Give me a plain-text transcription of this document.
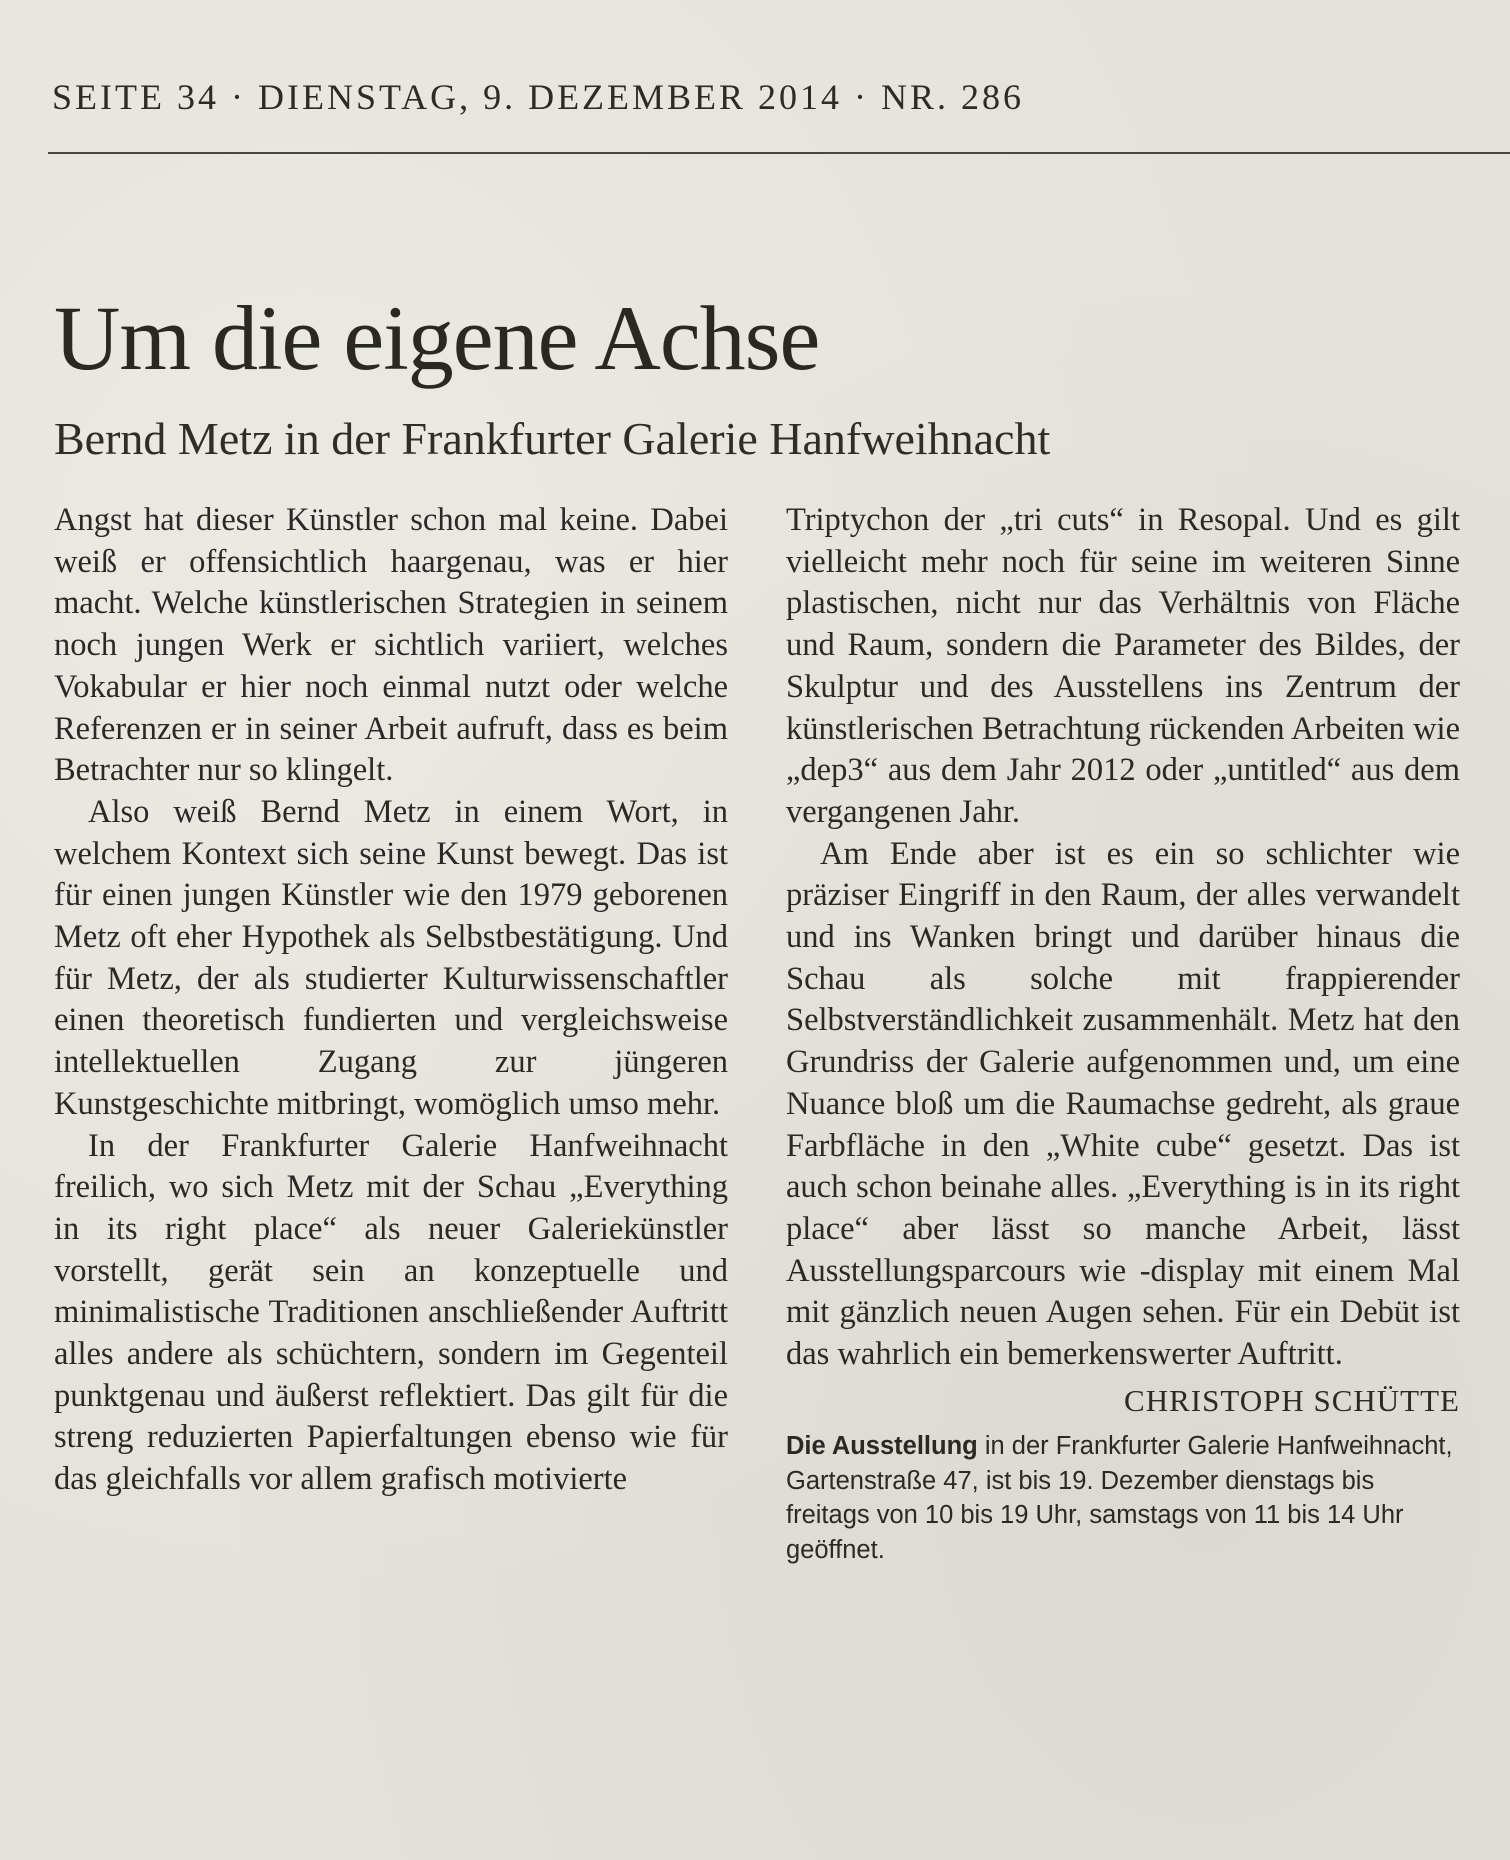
SEITE 34 · DIENSTAG, 9. DEZEMBER 2014 · NR. 286
Um die eigene Achse
Bernd Metz in der Frankfurter Galerie Hanfweihnacht

Angst hat dieser Künstler schon mal keine. Dabei weiß er offensichtlich haargenau, was er hier macht. Welche künstlerischen Strategien in seinem noch jungen Werk er sichtlich variiert, welches Vokabular er hier noch einmal nutzt oder welche Referenzen er in seiner Arbeit aufruft, dass es beim Betrachter nur so klingelt.

Also weiß Bernd Metz in einem Wort, in welchem Kontext sich seine Kunst bewegt. Das ist für einen jungen Künstler wie den 1979 geborenen Metz oft eher Hypothek als Selbstbestätigung. Und für Metz, der als studierter Kulturwissenschaftler einen theoretisch fundierten und vergleichsweise intellektuellen Zugang zur jüngeren Kunstgeschichte mitbringt, womöglich umso mehr.

In der Frankfurter Galerie Hanfweihnacht freilich, wo sich Metz mit der Schau „Everything in its right place“ als neuer Galeriekünstler vorstellt, gerät sein an konzeptuelle und minimalistische Traditionen anschließender Auftritt alles andere als schüchtern, sondern im Gegenteil punktgenau und äußerst reflektiert. Das gilt für die streng reduzierten Papierfaltungen ebenso wie für das gleichfalls vor allem grafisch motivierte

Triptychon der „tri cuts“ in Resopal. Und es gilt vielleicht mehr noch für seine im weiteren Sinne plastischen, nicht nur das Verhältnis von Fläche und Raum, sondern die Parameter des Bildes, der Skulptur und des Ausstellens ins Zentrum der künstlerischen Betrachtung rückenden Arbeiten wie „dep3“ aus dem Jahr 2012 oder „untitled“ aus dem vergangenen Jahr.

Am Ende aber ist es ein so schlichter wie präziser Eingriff in den Raum, der alles verwandelt und ins Wanken bringt und darüber hinaus die Schau als solche mit frappierender Selbstverständlichkeit zusammenhält. Metz hat den Grundriss der Galerie aufgenommen und, um eine Nuance bloß um die Raumachse gedreht, als graue Farbfläche in den „White cube“ gesetzt. Das ist auch schon beinahe alles. „Everything is in its right place“ aber lässt so manche Arbeit, lässt Ausstellungsparcours wie -display mit einem Mal mit gänzlich neuen Augen sehen. Für ein Debüt ist das wahrlich ein bemerkenswerter Auftritt.

CHRISTOPH SCHÜTTE

Die Ausstellung in der Frankfurter Galerie Hanfweihnacht, Gartenstraße 47, ist bis 19. Dezember dienstags bis freitags von 10 bis 19 Uhr, samstags von 11 bis 14 Uhr geöffnet.
